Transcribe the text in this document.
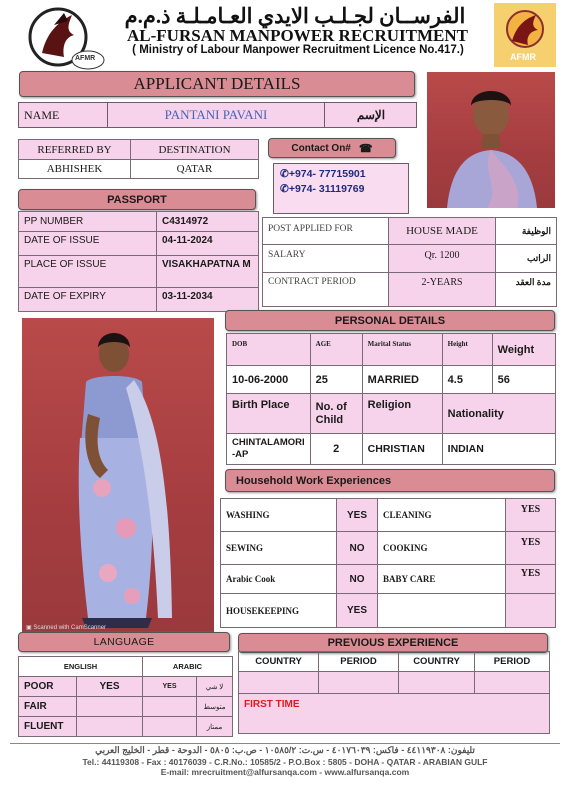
AFMR
الفرســان لجـلـب الايدي العـامـلـة ذ.م.م
AL-FURSAN MANPOWER RECRUITMENT
( Ministry of Labour Manpower Recruitment Licence No.417.)
AFMR
APPLICANT DETAILS
NAME	PANTANI PAVANI	الإسم
REFERRED BY	DESTINATION
ABHISHEK	QATAR
Contact On# ☎
✆+974- 77715901
✆+974- 31119769
PASSPORT
PP NUMBER	C4314972
DATE OF ISSUE	04-11-2024
PLACE OF ISSUE	VISAKHAPATNA M
DATE OF EXPIRY	03-11-2034
POST APPLIED FOR	HOUSE MADE	الوظيفة
SALARY	Qr. 1200	الراتب
CONTRACT PERIOD	2-YEARS	مدة العقد
▣ Scanned with CamScanner
PERSONAL DETAILS
DOB	AGE	Marital Status	Height	Weight
10-06-2000	25	MARRIED	4.5	56
Birth Place	No. of Child	Religion	Nationality	
CHINTALAMORI -AP	2	CHRISTIAN	INDIAN	
Household Work Experiences
WASHING	YES	CLEANING	YES
SEWING	NO	COOKING	YES
Arabic Cook	NO	BABY CARE	YES
HOUSEKEEPING	YES		
LANGUAGE
ENGLISH		ARABIC	
POOR	YES	YES	لا شي
FAIR			متوسط
FLUENT			ممتاز
PREVIOUS EXPERIENCE
COUNTRY	PERIOD	COUNTRY	PERIOD

FIRST TIME			
تليفون: ٤٤١١٩٣٠٨ - فاكس: ٤٠١٧٦٠٣٩ - س.ت: ١٠٥٨٥/٢ - ص.ب: ٥٨٠٥ - الدوحة - قطر - الخليج العربي
Tel.: 44119308 - Fax : 40176039 - C.R.No.: 10585/2 - P.O.Box : 5805 - DOHA - QATAR - ARABIAN GULF
E-mail: mrecruitment@alfursanqa.com - www.alfursanqa.com
